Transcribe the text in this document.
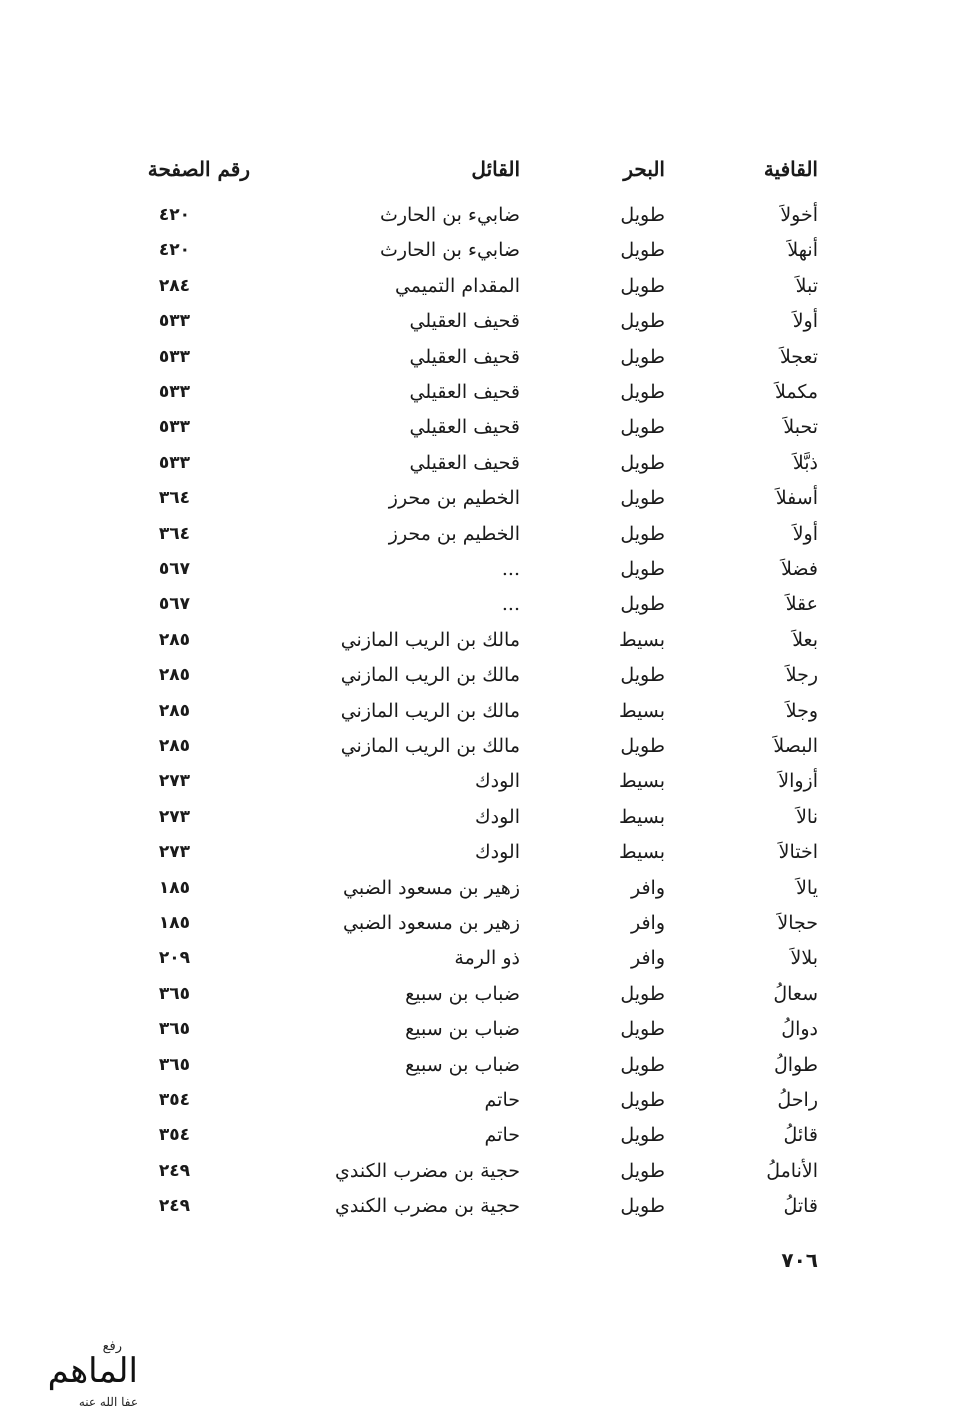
القافية
البحر
القائل
رقم الصفحة
أخولاَ
طويل
ضابيء بن الحارث
٤٢٠
أنهلاَ
طويل
ضابيء بن الحارث
٤٢٠
تبلاَ
طويل
المقدام التميمي
٢٨٤
أولاَ
طويل
قحيف العقيلي
٥٣٣
تعجلاَ
طويل
قحيف العقيلي
٥٣٣
مكملاَ
طويل
قحيف العقيلي
٥٣٣
تحبلاَ
طويل
قحيف العقيلي
٥٣٣
ذبَّلاَ
طويل
قحيف العقيلي
٥٣٣
أسفلاَ
طويل
الخطيم بن محرز
٣٦٤
أولاَ
طويل
الخطيم بن محرز
٣٦٤
فضلاَ
طويل
...
٥٦٧
عقلاَ
طويل
...
٥٦٧
بعلاَ
بسيط
مالك بن الريب المازني
٢٨٥
رجلاَ
طويل
مالك بن الريب المازني
٢٨٥
وجلاَ
بسيط
مالك بن الريب المازني
٢٨٥
البصلاَ
طويل
مالك بن الريب المازني
٢٨٥
أزوالاَ
بسيط
الودك
٢٧٣
نالاَ
بسيط
الودك
٢٧٣
اختالاَ
بسيط
الودك
٢٧٣
يالاَ
وافر
زهير بن مسعود الضبي
١٨٥
حجالاَ
وافر
زهير بن مسعود الضبي
١٨٥
بلالاَ
وافر
ذو الرمة
٢٠٩
سعالُ
طويل
ضباب بن سبيع
٣٦٥
دوالُ
طويل
ضباب بن سبيع
٣٦٥
طوالُ
طويل
ضباب بن سبيع
٣٦٥
راحلُ
طويل
حاتم
٣٥٤
قائلُ
طويل
حاتم
٣٥٤
الأناملُ
طويل
حجية بن مضرب الكندي
٢٤٩
قاتلُ
طويل
حجية بن مضرب الكندي
٢٤٩
٧٠٦
رفع
الماهم
عفا الله عنه
